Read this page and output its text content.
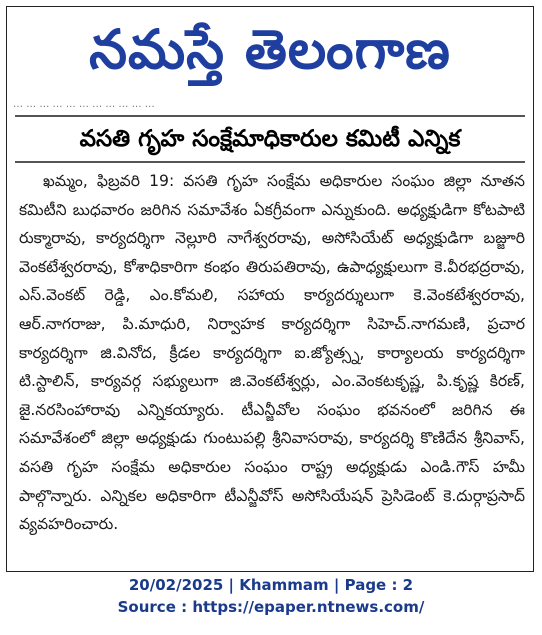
నమస్తే తెలంగాణ
… … … … … … … … … … …
వసతి గృహ సంక్షేమాధికారుల కమిటీ ఎన్నిక

ఖమ్మం, ఫిబ్రవరి 19: వసతి గృహ సంక్షేమ అధికారుల సంఘం జిల్లా నూతన కమిటీని బుధవారం జరిగిన సమావేశం ఏకగ్రీవంగా ఎన్నుకుంది. అధ్యక్షుడిగా కోటపాటి రుక్మారావు, కార్యదర్శిగా నెల్లూరి నాగేశ్వరరావు, అసోసియేట్ అధ్యక్షుడిగా బజ్జూరి వెంకటేశ్వరరావు, కోశాధికారిగా కంభం తిరుపతిరావు, ఉపాధ్యక్షులుగా కె.వీరభద్రరావు, ఎస్.వెంకట్ రెడ్డి, ఎం.కోమలి, సహాయ కార్యదర్శులుగా కె.వెంకటేశ్వరరావు, ఆర్.నాగరాజు, పి.మాధురి, నిర్వాహక కార్యదర్శిగా సిహెచ్.నాగమణి, ప్రచార కార్యదర్శిగా జి.వినోద, క్రీడల కార్యదర్శిగా ఐ.జ్యోత్స్న, కార్యాలయ కార్యదర్శిగా టి.స్టాలిన్, కార్యవర్గ సభ్యులుగా జి.వెంకటేశ్వర్లు, ఎం.వెంకటకృష్ణ, పి.కృష్ణ కిరణ్, జై.నరసింహారావు ఎన్నికయ్యారు. టీఎన్జీవోల సంఘం భవనంలో జరిగిన ఈ సమావేశంలో జిల్లా అధ్యక్షుడు గుంటుపల్లి శ్రీనివాసరావు, కార్యదర్శి కొణిదేన శ్రీనివాస్, వసతి గృహ సంక్షేమ అధికారుల సంఘం రాష్ట్ర అధ్యక్షుడు ఎండి.గౌస్ హమీ పాల్గొన్నారు. ఎన్నికల అధికారిగా టీఎన్జీవోస్ అసోసియేషన్ ప్రెసిడెంట్ కె.దుర్గాప్రసాద్ వ్యవహరించారు.

20/02/2025 | Khammam | Page : 2
Source : https://epaper.ntnews.com/
